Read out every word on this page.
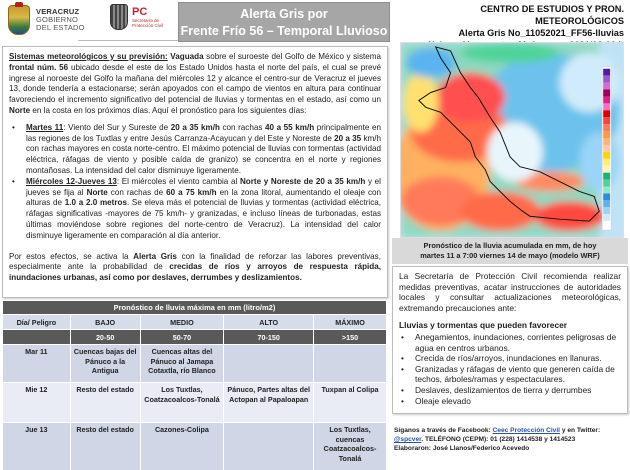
VERACRUZ
GOBIERNO
DEL ESTADO
PC
Secretaría de
Protección Civil
Alerta Gris por
Frente Frío 56 – Temporal Lluvioso
CENTRO DE ESTUDIOS Y PRON. METEOROLÓGICOS
Alerta Gris No_11052021_FF56-lluvias

Sistemas meteorológicos y su previsión: Vaguada sobre el suroeste del Golfo de México y sistema frontal núm. 56 ubicado desde el este de los Estado Unidos hasta el norte del país, el cual se prevé ingrese al noroeste del Golfo la mañana del miércoles 12 y alcance el centro-sur de Veracruz el jueves 13, donde tendería a estacionarse; serán apoyados con el campo de vientos en altura para continuar favoreciendo el incremento significativo del potencial de lluvias y tormentas en el estado, así como un Norte en la costa en los próximos días. Aquí el pronóstico para los siguientes días:

• Martes 11: Viento del Sur y Sureste de 20 a 35 km/h con rachas 40 a 55 km/h principalmente en las regiones de los Tuxtlas y entre Jesús Carranza-Acayucan y del Este y Noreste de 20 a 35 km/h con rachas mayores en costa norte-centro. El máximo potencial de lluvias con tormentas (actividad eléctrica, ráfagas de viento y posible caída de granizo) se concentra en el norte y regiones montañosas. La intensidad del calor disminuye ligeramente.
• Miércoles 12-Jueves 13: El miércoles el viento cambia al Norte y Noreste de 20 a 35 km/h y el jueves se fija al Norte con rachas de 60 a 75 km/h en la zona litoral, aumentando el oleaje con alturas de 1.0 a 2.0 metros. Se eleva más el potencial de lluvias y tormentas (actividad eléctrica, ráfagas significativas -mayores de 75 km/h- y granizadas, e incluso líneas de turbonadas, estas últimas moviéndose sobre regiones del norte-centro de Veracruz). La intensidad del calor disminuye ligeramente en comparación al día anterior.

Por estos efectos, se activa la Alerta Gris con la finalidad de reforzar las labores preventivas, especialmente ante la probabilidad de crecidas de ríos y arroyos de respuesta rápida, inundaciones urbanas, así como por deslaves, derrumbes y deslizamientos.

Pronóstico de lluvia máxima en mm (litro/m2)				
Día/ Peligro	BAJO	MEDIO	ALTO	MÁXIMO
	20-50	50-70	70-150	>150
Mar 11	Cuencas bajas del Pánuco a la Antigua	Cuencas altas del Pánuco al Jamapa Cotaxtla, río Blanco		
Mie 12	Resto del estado	Los Tuxtlas, Coatzacoalcos-Tonalá	Pánuco, Partes altas del Actopan al Papaloapan	Tuxpan al Colipa
Jue 13	Resto del estado	Cazones-Colipa		Los Tuxtlas, cuencas Coatzacoalcos-Tonalá
Pronóstico de la lluvia acumulada en mm, de hoy
martes 11 a 7:00 viernes 14 de mayo (modelo WRF)

La Secretaría de Protección Civil recomienda realizar medidas preventivas, acatar instrucciones de autoridades locales y consultar actualizaciones meteorológicas, extremando precauciones ante:

Lluvias y tormentas que pueden favorecer

• Anegamientos, inundaciones, corrientes peligrosas de agua en centros urbanos.
• Crecida de ríos/arroyos, inundaciones en llanuras.
• Granizadas y ráfagas de viento que generen caída de techos, árboles/ramas y espectaculares.
• Deslaves, deslizamientos de tierra y derrumbes
• Oleaje elevado
Síganos a través de Facebook: Ceec Protección Civil y en Twitter: @spcver. TELÉFONO (CEPM): 01 (228) 1414538 y 1414523
Elaboraron: José Llanos/Federico Acevedo
